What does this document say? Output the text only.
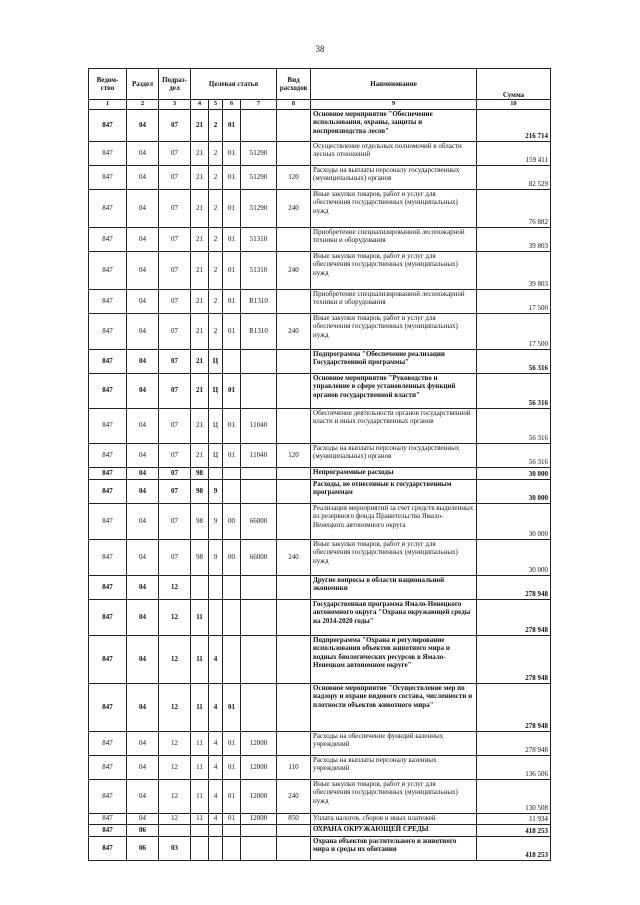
38
Ведом-ство	Раздел	Подраз-дел	Целевая статья				Вид расходов	Наименование	Сумма

1	2	3	4	5	6	7	8	9	10
847	04	07	21	2	01			Основное мероприятие "Обеспечение использования, охраны, защиты и воспроизводства лесов"	216 714
847	04	07	21	2	01	51290		Осуществление отдельных полномочий в области лесных отношений	159 411
847	04	07	21	2	01	51290	120	Расходы на выплаты персоналу государственных (муниципальных) органов	82 529
847	04	07	21	2	01	51290	240	Иные закупки товаров, работ и услуг для обеспечения государственных (муниципальных) нужд	76 882
847	04	07	21	2	01	51310		Приобретение специализированной лесопожарной техники и оборудования	39 803
847	04	07	21	2	01	51310	240	Иные закупки товаров, работ и услуг для обеспечения государственных (муниципальных) нужд	39 803
847	04	07	21	2	01	R1310		Приобретение специализированной лесопожарной техники и оборудования	17 500
847	04	07	21	2	01	R1310	240	Иные закупки товаров, работ и услуг для обеспечения государственных (муниципальных) нужд	17 500
847	04	07	21	Ц				Подпрограмма "Обеспечение реализации Государственной программы"	56 316
847	04	07	21	Ц	01			Основное мероприятие "Руководство и управление в сфере установленных функций органов государственной власти"	56 316
847	04	07	21	Ц	01	11040		Обеспечение деятельности органов государственной власти и иных государственных органов	56 316
847	04	07	21	Ц	01	11040	120	Расходы на выплаты персоналу государственных (муниципальных) органов	56 316
847	04	07	98					Непрограммные расходы	30 000
847	04	07	98	9				Расходы, не отнесенные к государственным программам	30 000
847	04	07	98	9	00	66000		Реализация мероприятий за счет средств выделенных из резервного фонда Правительства Ямало-Ненецкого автономного округа	30 000
847	04	07	98	9	00	66000	240	Иные закупки товаров, работ и услуг для обеспечения государственных (муниципальных) нужд	30 000
847	04	12						Другие вопросы в области национальной экономики	278 948
847	04	12	11					Государственная программа Ямало-Ненецкого автономного округа "Охрана окружающей среды на 2014-2020 годы"	278 948
847	04	12	11	4				Подпрограмма "Охрана и регулирование использования объектов животного мира и водных биологических ресурсов в Ямало-Ненецком автономном округе"	278 948
847	04	12	11	4	01			Основное мероприятие "Осуществление мер по надзору и охране видового состава, численности и плотности объектов животного мира"	278 948
847	04	12	11	4	01	12000		Расходы на обеспечение функций казенных учреждений	278 948
847	04	12	11	4	01	12000	110	Расходы на выплаты персоналу казенных учреждений	136 506
847	04	12	11	4	01	12000	240	Иные закупки товаров, работ и услуг для обеспечения государственных (муниципальных) нужд	130 508
847	04	12	11	4	01	12000	850	Уплата налогов, сборов и иных платежей	11 934
847	06							ОХРАНА ОКРУЖАЮЩЕЙ СРЕДЫ	418 253
847	06	03						Охрана объектов растительного и животного мира и среды их обитания	418 253
